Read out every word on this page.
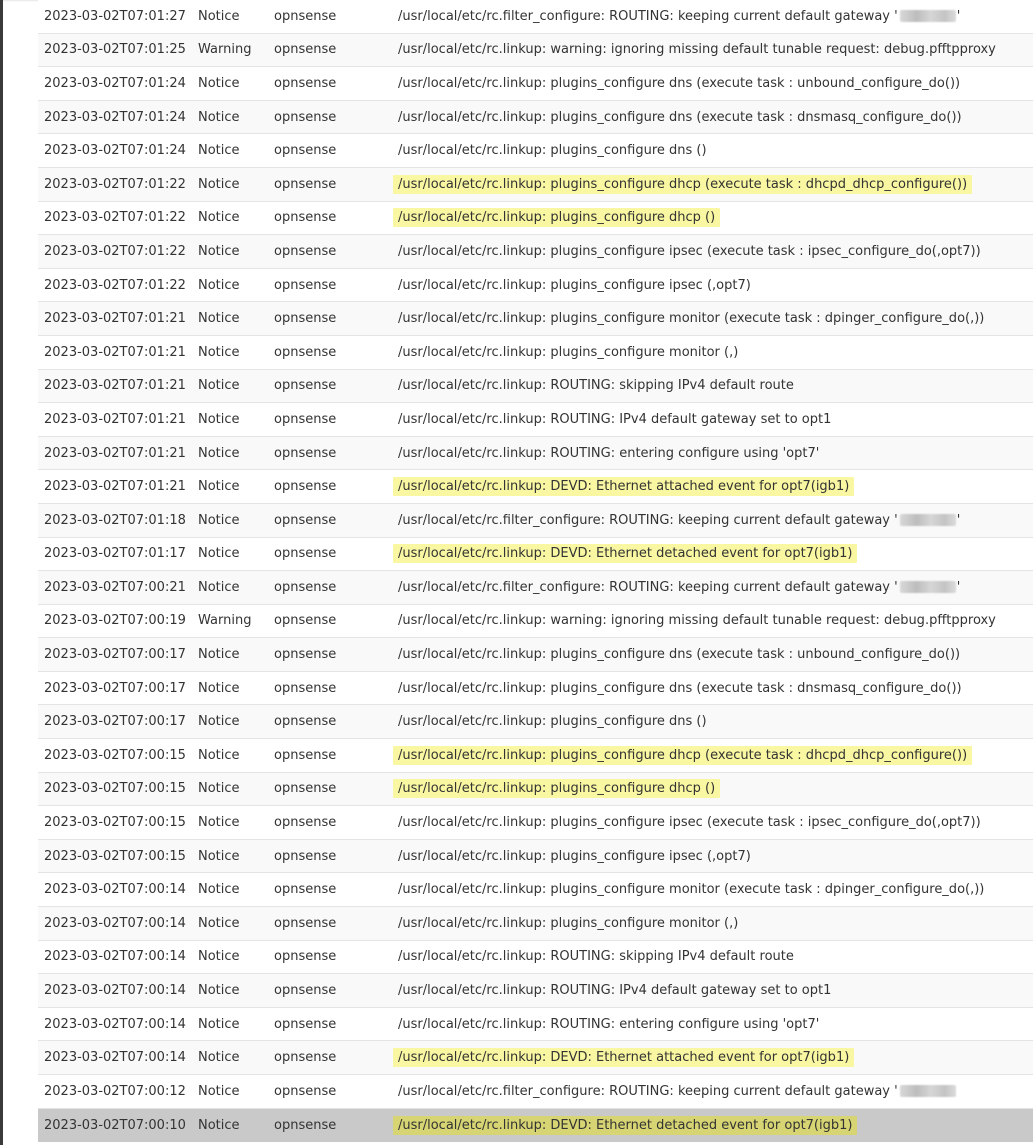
2023-03-02T07:01:27 Notice	opnsense	/usr/local/etc/rc.filter_configure: ROUTING: keeping current default gateway '	'
2023-03-02T07:01:25 Warning	opnsense	/usr/local/etc/rc.linkup: warning: ignoring missing default tunable request: debug.pfftpproxy
2023-03-02T07:01:24 Notice	opnsense	/usr/local/etc/rc.linkup: plugins_configure dns (execute task : unbound_configure_do())
2023-03-02T07:01:24 Notice	opnsense	/usr/local/etc/rc.linkup: plugins_configure dns (execute task : dnsmasq_configure_do())
2023-03-02T07:01:24 Notice	opnsense	/usr/local/etc/rc.linkup: plugins_configure dns ()
2023-03-02T07:01:22 Notice	opnsense	/usr/local/etc/rc.linkup: plugins_configure dhcp (execute task : dhcpd_dhcp_configure())
2023-03-02T07:01:22 Notice	opnsense	/usr/local/etc/rc.linkup: plugins_configure dhcp ()
2023-03-02T07:01:22 Notice	opnsense	/usr/local/etc/rc.linkup: plugins_configure ipsec (execute task : ipsec_configure_do(,opt7))
2023-03-02T07:01:22 Notice	opnsense	/usr/local/etc/rc.linkup: plugins_configure ipsec (,opt7)
2023-03-02T07:01:21 Notice	opnsense	/usr/local/etc/rc.linkup: plugins_configure monitor (execute task : dpinger_configure_do(,))
2023-03-02T07:01:21 Notice	opnsense	/usr/local/etc/rc.linkup: plugins_configure monitor (,)
2023-03-02T07:01:21 Notice	opnsense	/usr/local/etc/rc.linkup: ROUTING: skipping IPv4 default route
2023-03-02T07:01:21 Notice	opnsense	/usr/local/etc/rc.linkup: ROUTING: IPv4 default gateway set to opt1
2023-03-02T07:01:21 Notice	opnsense	/usr/local/etc/rc.linkup: ROUTING: entering configure using 'opt7'
2023-03-02T07:01:21 Notice	opnsense	/usr/local/etc/rc.linkup: DEVD: Ethernet attached event for opt7(igb1)
2023-03-02T07:01:18 Notice	opnsense	/usr/local/etc/rc.filter_configure: ROUTING: keeping current default gateway '	'
2023-03-02T07:01:17 Notice	opnsense	/usr/local/etc/rc.linkup: DEVD: Ethernet detached event for opt7(igb1)
2023-03-02T07:00:21 Notice	opnsense	/usr/local/etc/rc.filter_configure: ROUTING: keeping current default gateway '	'
2023-03-02T07:00:19 Warning	opnsense	/usr/local/etc/rc.linkup: warning: ignoring missing default tunable request: debug.pfftpproxy
2023-03-02T07:00:17 Notice	opnsense	/usr/local/etc/rc.linkup: plugins_configure dns (execute task : unbound_configure_do())
2023-03-02T07:00:17 Notice	opnsense	/usr/local/etc/rc.linkup: plugins_configure dns (execute task : dnsmasq_configure_do())
2023-03-02T07:00:17 Notice	opnsense	/usr/local/etc/rc.linkup: plugins_configure dns ()
2023-03-02T07:00:15 Notice	opnsense	/usr/local/etc/rc.linkup: plugins_configure dhcp (execute task : dhcpd_dhcp_configure())
2023-03-02T07:00:15 Notice	opnsense	/usr/local/etc/rc.linkup: plugins_configure dhcp ()
2023-03-02T07:00:15 Notice	opnsense	/usr/local/etc/rc.linkup: plugins_configure ipsec (execute task : ipsec_configure_do(,opt7))
2023-03-02T07:00:15 Notice	opnsense	/usr/local/etc/rc.linkup: plugins_configure ipsec (,opt7)
2023-03-02T07:00:14 Notice	opnsense	/usr/local/etc/rc.linkup: plugins_configure monitor (execute task : dpinger_configure_do(,))
2023-03-02T07:00:14 Notice	opnsense	/usr/local/etc/rc.linkup: plugins_configure monitor (,)
2023-03-02T07:00:14 Notice	opnsense	/usr/local/etc/rc.linkup: ROUTING: skipping IPv4 default route
2023-03-02T07:00:14 Notice	opnsense	/usr/local/etc/rc.linkup: ROUTING: IPv4 default gateway set to opt1
2023-03-02T07:00:14 Notice	opnsense	/usr/local/etc/rc.linkup: ROUTING: entering configure using 'opt7'
2023-03-02T07:00:14 Notice	opnsense	/usr/local/etc/rc.linkup: DEVD: Ethernet attached event for opt7(igb1)
2023-03-02T07:00:12 Notice	opnsense	/usr/local/etc/rc.filter_configure: ROUTING: keeping current default gateway '
2023-03-02T07:00:10 Notice	opnsense	/usr/local/etc/rc.linkup: DEVD: Ethernet detached event for opt7(igb1)
